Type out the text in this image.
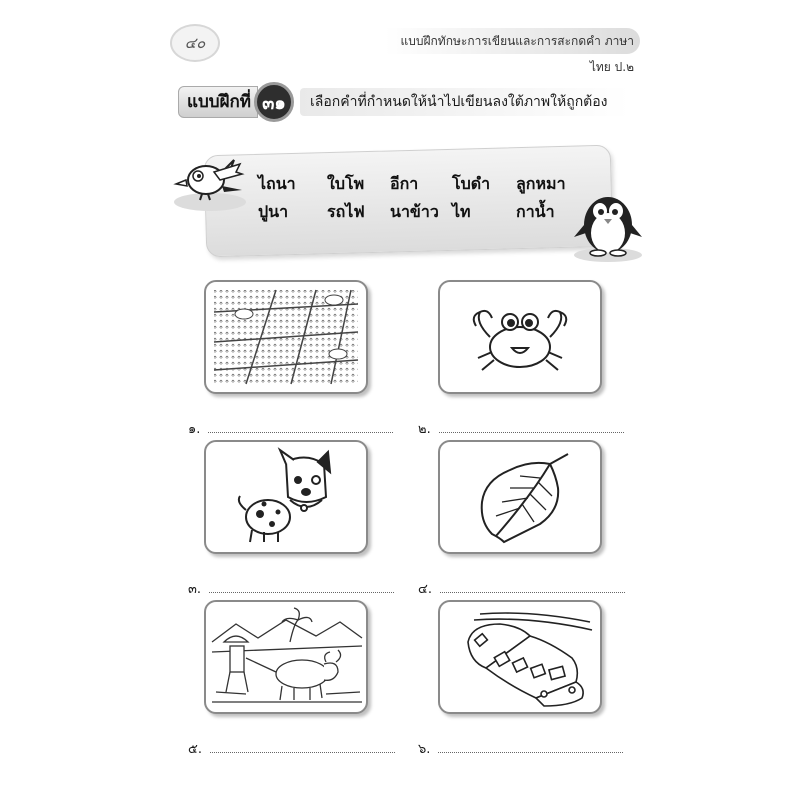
๔๐	แบบฝึกทักษะการเขียนและการสะกดคำ ภาษาไทย ป.๒
แบบฝึกที่ ๓๑	เลือกคำที่กำหนดให้นำไปเขียนลงใต้ภาพให้ถูกต้อง
ไถนา ใบโพ อีกา โบดำ ลูกหมา
ปูนา รถไฟ นาข้าว ไท	กาน้ำ
๑.	๒.
๓.	๔.
๕.	๖.
